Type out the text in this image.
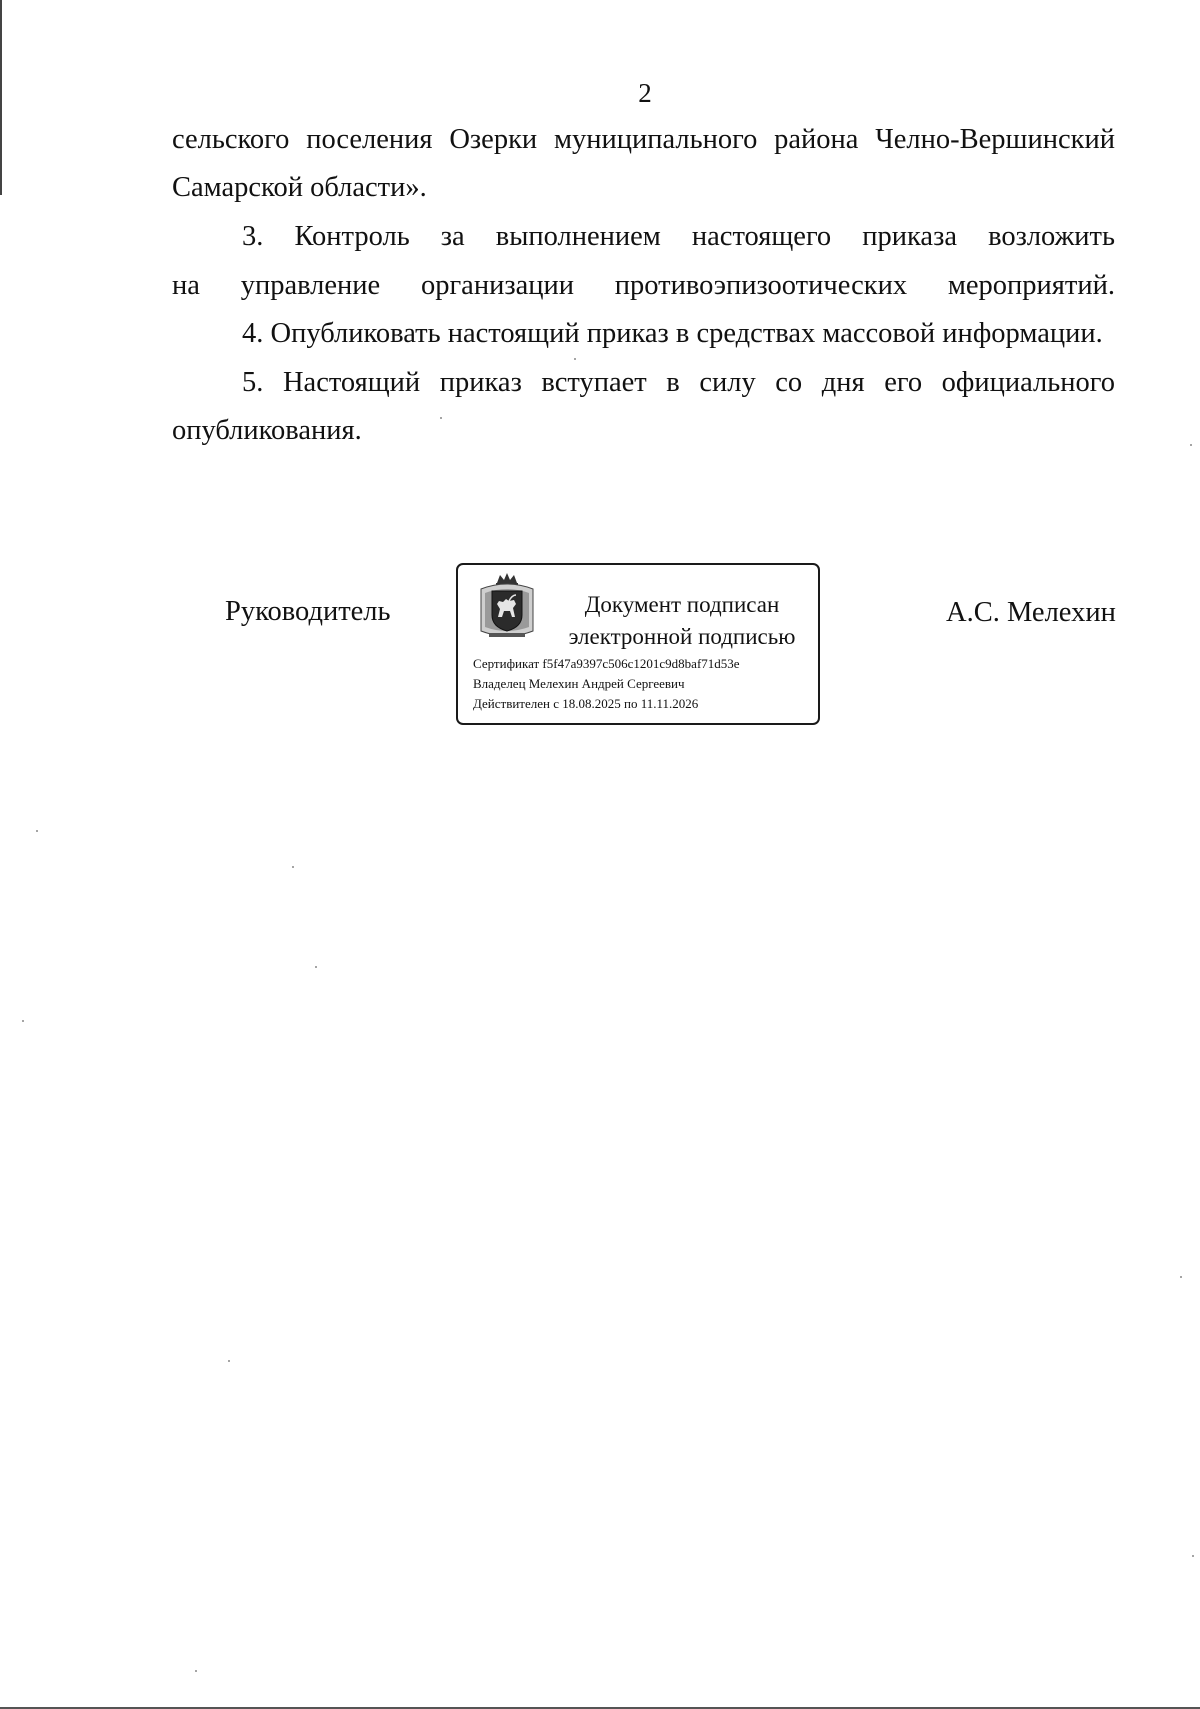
2
сельского поселения Озерки муниципального района Челно-Вершинский
Самарской области».
3. Контроль за выполнением настоящего приказа возложить
на управление организации противоэпизоотических мероприятий.
4. Опубликовать настоящий приказ в средствах массовой информации.
5. Настоящий приказ вступает в силу со дня его официального
опубликования.
Руководитель	Документ подписан
электронной подписью
Сертификат f5f47a9397c506c1201c9d8baf71d53e
Владелец Мелехин Андрей Сергеевич
Действителен с 18.08.2025 по 11.11.2026
А.С. Мелехин
